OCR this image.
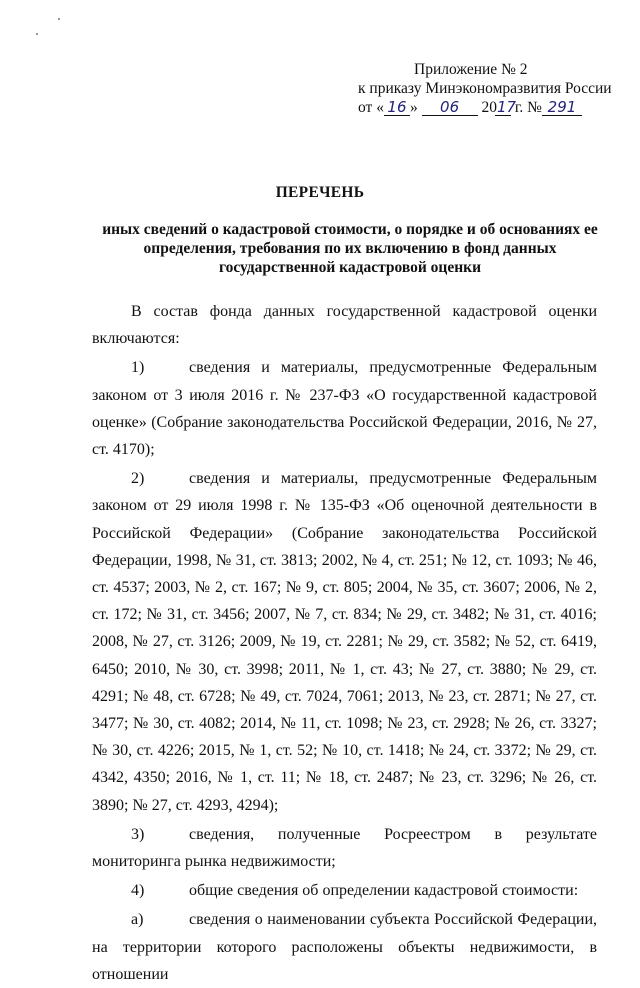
Приложение № 2
к приказу Минэкономразвития России
от « 16 » 06 2017 г. № 291
ПЕРЕЧЕНЬ
иных сведений о кадастровой стоимости, о порядке и об основаниях ее определения, требования по их включению в фонд данных государственной кадастровой оценки

В состав фонда данных государственной кадастровой оценки включаются:

1)	сведения и материалы, предусмотренные Федеральным законом от 3 июля 2016 г. № 237-ФЗ «О государственной кадастровой оценке» (Собрание законодательства Российской Федерации, 2016, № 27, ст. 4170);

2)	сведения и материалы, предусмотренные Федеральным законом от 29 июля 1998 г. № 135-ФЗ «Об оценочной деятельности в Российской Федерации» (Собрание законодательства Российской Федерации, 1998, № 31, ст. 3813; 2002, № 4, ст. 251; № 12, ст. 1093; № 46, ст. 4537; 2003, № 2, ст. 167; № 9, ст. 805; 2004, № 35, ст. 3607; 2006, № 2, ст. 172; № 31, ст. 3456; 2007, № 7, ст. 834; № 29, ст. 3482; № 31, ст. 4016; 2008, № 27, ст. 3126; 2009, № 19, ст. 2281; № 29, ст. 3582; № 52, ст. 6419, 6450; 2010, № 30, ст. 3998; 2011, № 1, ст. 43; № 27, ст. 3880; № 29, ст. 4291; № 48, ст. 6728; № 49, ст. 7024, 7061; 2013, № 23, ст. 2871; № 27, ст. 3477; № 30, ст. 4082; 2014, № 11, ст. 1098; № 23, ст. 2928; № 26, ст. 3327; № 30, ст. 4226; 2015, № 1, ст. 52; № 10, ст. 1418; № 24, ст. 3372; № 29, ст. 4342, 4350; 2016, № 1, ст. 11; № 18, ст. 2487; № 23, ст. 3296; № 26, ст. 3890; № 27, ст. 4293, 4294);

3)	сведения, полученные Росреестром в результате мониторинга рынка недвижимости;

4)	общие сведения об определении кадастровой стоимости:

а)	сведения о наименовании субъекта Российской Федерации, на территории которого расположены объекты недвижимости, в отношении
